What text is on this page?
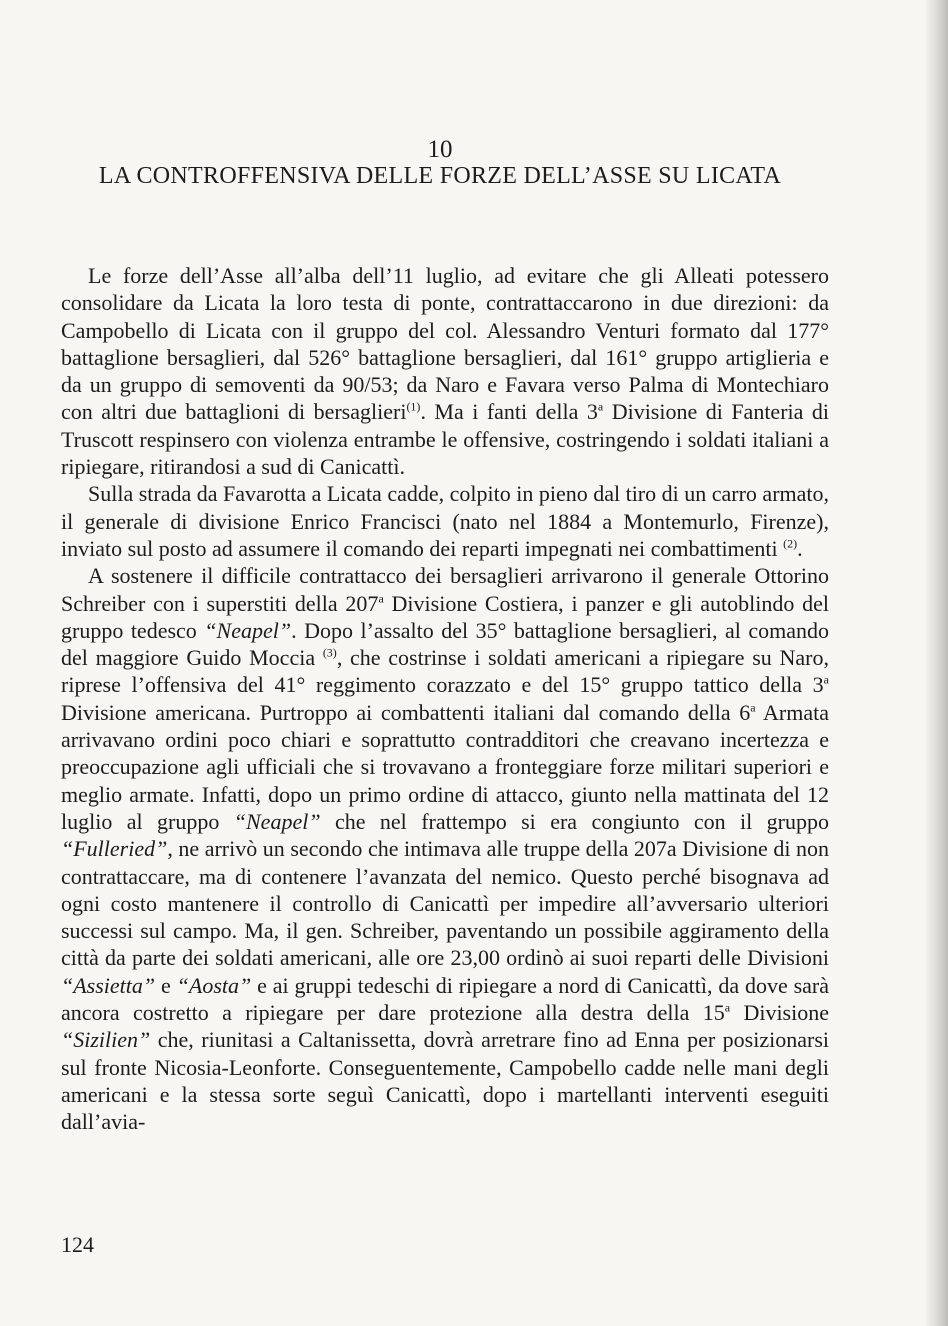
10
LA CONTROFFENSIVA DELLE FORZE DELL’ASSE SU LICATA

Le forze dell’Asse all’alba dell’11 luglio, ad evitare che gli Alleati potessero consolidare da Licata la loro testa di ponte, contrattaccarono in due direzioni: da Campobello di Licata con il gruppo del col. Alessandro Venturi formato dal 177° battaglione bersaglieri, dal 526° battaglione bersaglieri, dal 161° gruppo artiglieria e da un gruppo di semoventi da 90/53; da Naro e Favara verso Palma di Montechiaro con altri due battaglioni di bersaglieri$^{(1)}$. Ma i fanti della 3$^a$ Divisione di Fanteria di Truscott respinsero con violenza entrambe le offensive, costringendo i soldati italiani a ripiegare, ritirandosi a sud di Canicattì.

Sulla strada da Favarotta a Licata cadde, colpito in pieno dal tiro di un carro armato, il generale di divisione Enrico Francisci (nato nel 1884 a Montemurlo, Firenze), inviato sul posto ad assumere il comando dei reparti impegnati nei combattimenti $^{(2)}$.

A sostenere il difficile contrattacco dei bersaglieri arrivarono il generale Ottorino Schreiber con i superstiti della 207$^a$ Divisione Costiera, i panzer e gli autoblindo del gruppo tedesco “Neapel”. Dopo l’assalto del 35° battaglione bersaglieri, al comando del maggiore Guido Moccia $^{(3)}$, che costrinse i soldati americani a ripiegare su Naro, riprese l’offensiva del 41° reggimento corazzato e del 15° gruppo tattico della 3$^a$ Divisione americana. Purtroppo ai combattenti italiani dal comando della 6$^a$ Armata arrivavano ordini poco chiari e soprattutto contradditori che creavano incertezza e preoccupazione agli ufficiali che si trovavano a fronteggiare forze militari superiori e meglio armate. Infatti, dopo un primo ordine di attacco, giunto nella mattinata del 12 luglio al gruppo “Neapel” che nel frattempo si era congiunto con il gruppo “Fulleried”, ne arrivò un secondo che intimava alle truppe della 207a Divisione di non contrattaccare, ma di contenere l’avanzata del nemico. Questo perché bisognava ad ogni costo mantenere il controllo di Canicattì per impedire all’avversario ulteriori successi sul campo. Ma, il gen. Schreiber, paventando un possibile aggiramento della città da parte dei soldati americani, alle ore 23,00 ordinò ai suoi reparti delle Divisioni “Assietta” e “Aosta” e ai gruppi tedeschi di ripiegare a nord di Canicattì, da dove sarà ancora costretto a ripiegare per dare protezione alla destra della 15$^a$ Divisione “Sizilien” che, riunitasi a Caltanissetta, dovrà arretrare fino ad Enna per posizionarsi sul fronte Nicosia-Leonforte. Conseguentemente, Campobello cadde nelle mani degli americani e la stessa sorte seguì Canicattì, dopo i martellanti interventi eseguiti dall’avia-

124
